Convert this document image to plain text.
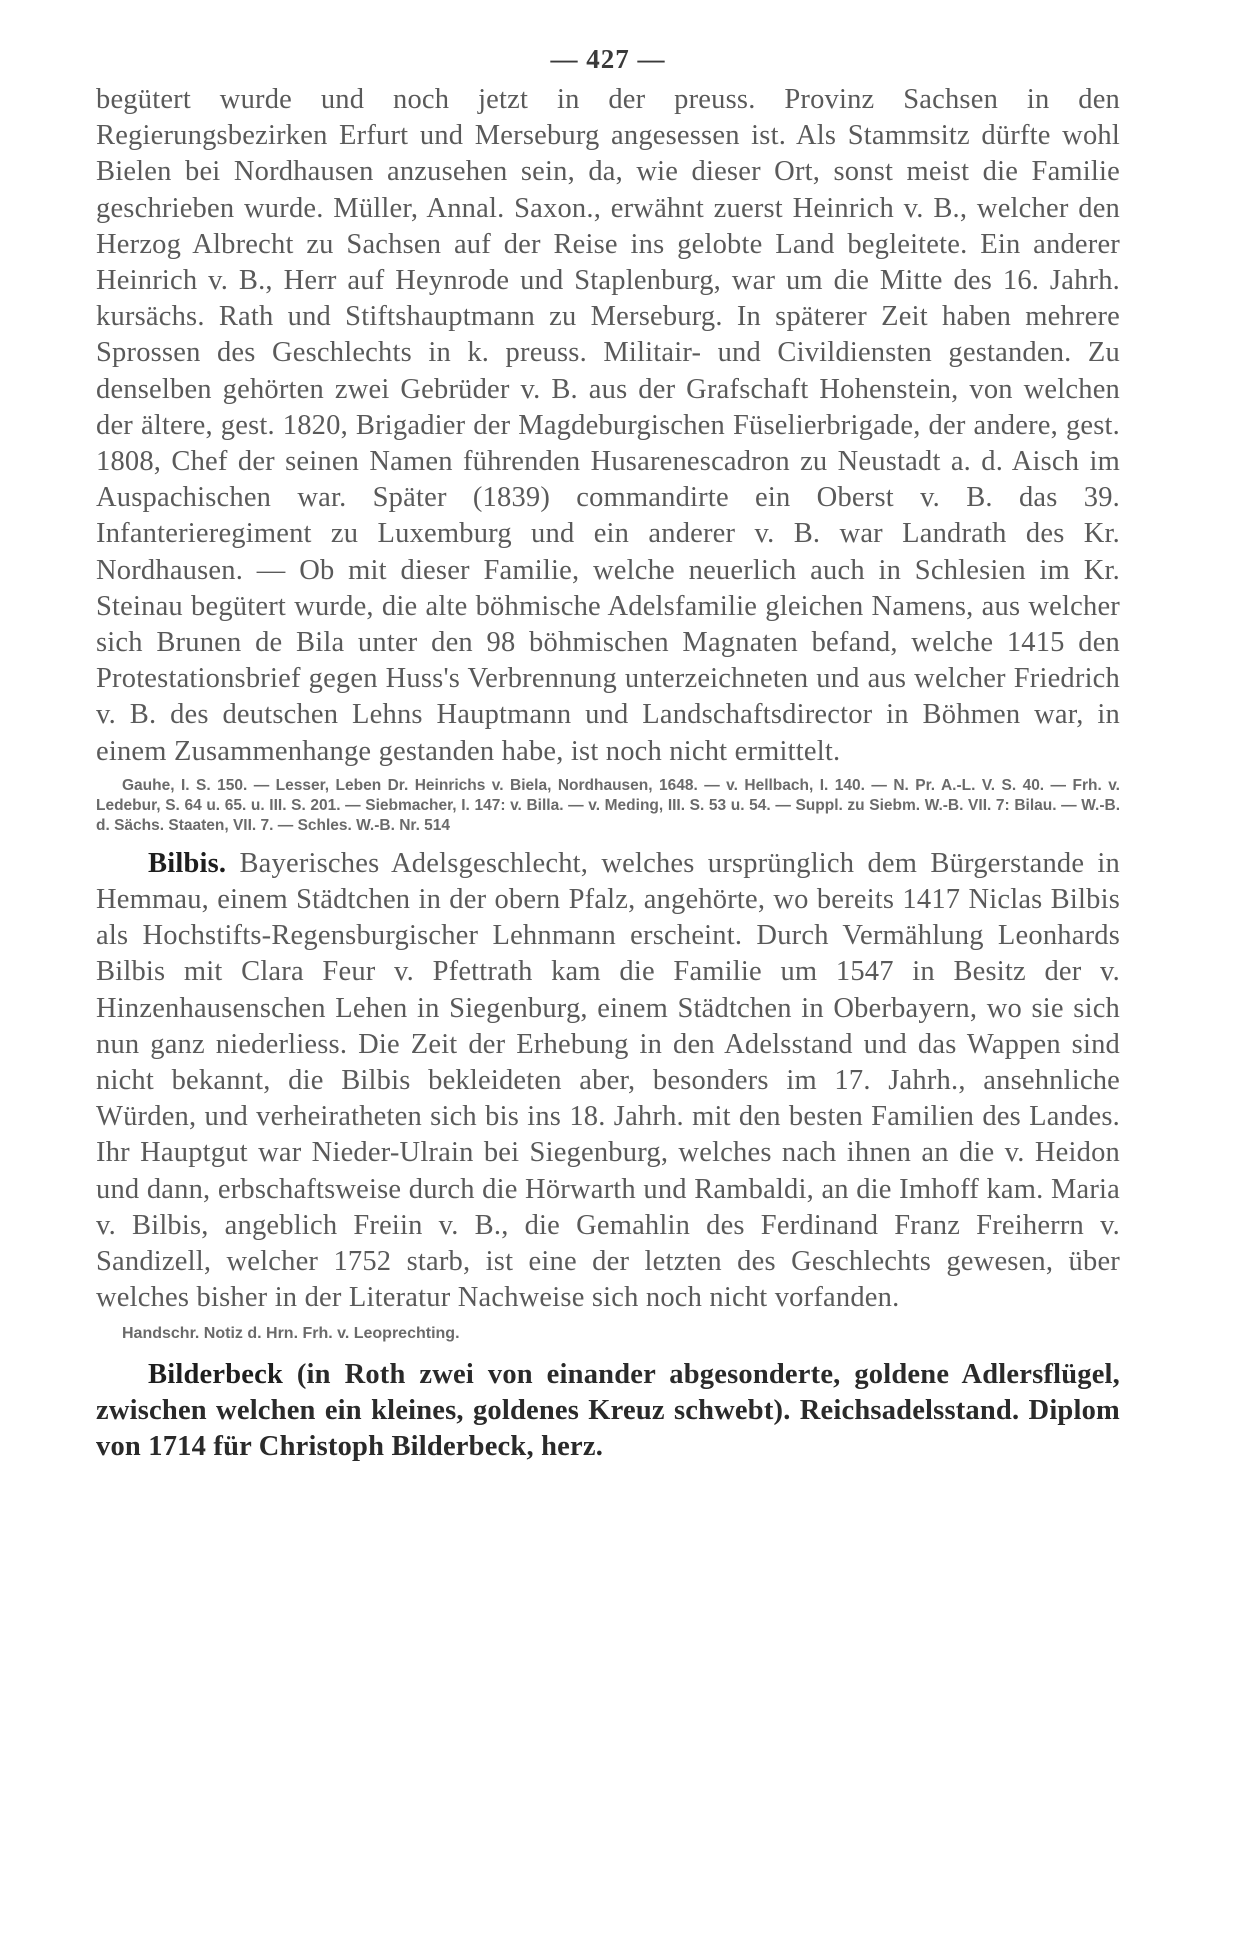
— 427 —

begütert wurde und noch jetzt in der preuss. Provinz Sachsen in den Regierungsbezirken Erfurt und Merseburg angesessen ist. Als Stammsitz dürfte wohl Bielen bei Nordhausen anzusehen sein, da, wie dieser Ort, sonst meist die Familie geschrieben wurde. Müller, Annal. Saxon., erwähnt zuerst Heinrich v. B., welcher den Herzog Albrecht zu Sachsen auf der Reise ins gelobte Land begleitete. Ein anderer Heinrich v. B., Herr auf Heynrode und Staplenburg, war um die Mitte des 16. Jahrh. kursächs. Rath und Stiftshauptmann zu Merseburg. In späterer Zeit haben mehrere Sprossen des Geschlechts in k. preuss. Militair- und Civildiensten gestanden. Zu denselben gehörten zwei Gebrüder v. B. aus der Grafschaft Hohenstein, von welchen der ältere, gest. 1820, Brigadier der Magdeburgischen Füselierbrigade, der andere, gest. 1808, Chef der seinen Namen führenden Husarenescadron zu Neustadt a. d. Aisch im Auspachischen war. Später (1839) commandirte ein Oberst v. B. das 39. Infanterieregiment zu Luxemburg und ein anderer v. B. war Landrath des Kr. Nordhausen. — Ob mit dieser Familie, welche neuerlich auch in Schlesien im Kr. Steinau begütert wurde, die alte böhmische Adelsfamilie gleichen Namens, aus welcher sich Brunen de Bila unter den 98 böhmischen Magnaten befand, welche 1415 den Protestationsbrief gegen Huss's Verbrennung unterzeichneten und aus welcher Friedrich v. B. des deutschen Lehns Hauptmann und Landschaftsdirector in Böhmen war, in einem Zusammenhange gestanden habe, ist noch nicht ermittelt.

Gauhe, I. S. 150. — Lesser, Leben Dr. Heinrichs v. Biela, Nordhausen, 1648. — v. Hellbach, I. 140. — N. Pr. A.-L. V. S. 40. — Frh. v. Ledebur, S. 64 u. 65. u. III. S. 201. — Siebmacher, I. 147: v. Billa. — v. Meding, III. S. 53 u. 54. — Suppl. zu Siebm. W.-B. VII. 7: Bilau. — W.-B. d. Sächs. Staaten, VII. 7. — Schles. W.-B. Nr. 514

Bilbis. Bayerisches Adelsgeschlecht, welches ursprünglich dem Bürgerstande in Hemmau, einem Städtchen in der obern Pfalz, angehörte, wo bereits 1417 Niclas Bilbis als Hochstifts-Regensburgischer Lehnmann erscheint. Durch Vermählung Leonhards Bilbis mit Clara Feur v. Pfettrath kam die Familie um 1547 in Besitz der v. Hinzenhausenschen Lehen in Siegenburg, einem Städtchen in Oberbayern, wo sie sich nun ganz niederliess. Die Zeit der Erhebung in den Adelsstand und das Wappen sind nicht bekannt, die Bilbis bekleideten aber, besonders im 17. Jahrh., ansehnliche Würden, und verheiratheten sich bis ins 18. Jahrh. mit den besten Familien des Landes. Ihr Hauptgut war Nieder-Ulrain bei Siegenburg, welches nach ihnen an die v. Heidon und dann, erbschaftsweise durch die Hörwarth und Rambaldi, an die Imhoff kam. Maria v. Bilbis, angeblich Freiin v. B., die Gemahlin des Ferdinand Franz Freiherrn v. Sandizell, welcher 1752 starb, ist eine der letzten des Geschlechts gewesen, über welches bisher in der Literatur Nachweise sich noch nicht vorfanden.

Handschr. Notiz d. Hrn. Frh. v. Leoprechting.

Bilderbeck (in Roth zwei von einander abgesonderte, goldene Adlersflügel, zwischen welchen ein kleines, goldenes Kreuz schwebt). Reichsadelsstand. Diplom von 1714 für Christoph Bilderbeck, herz.
